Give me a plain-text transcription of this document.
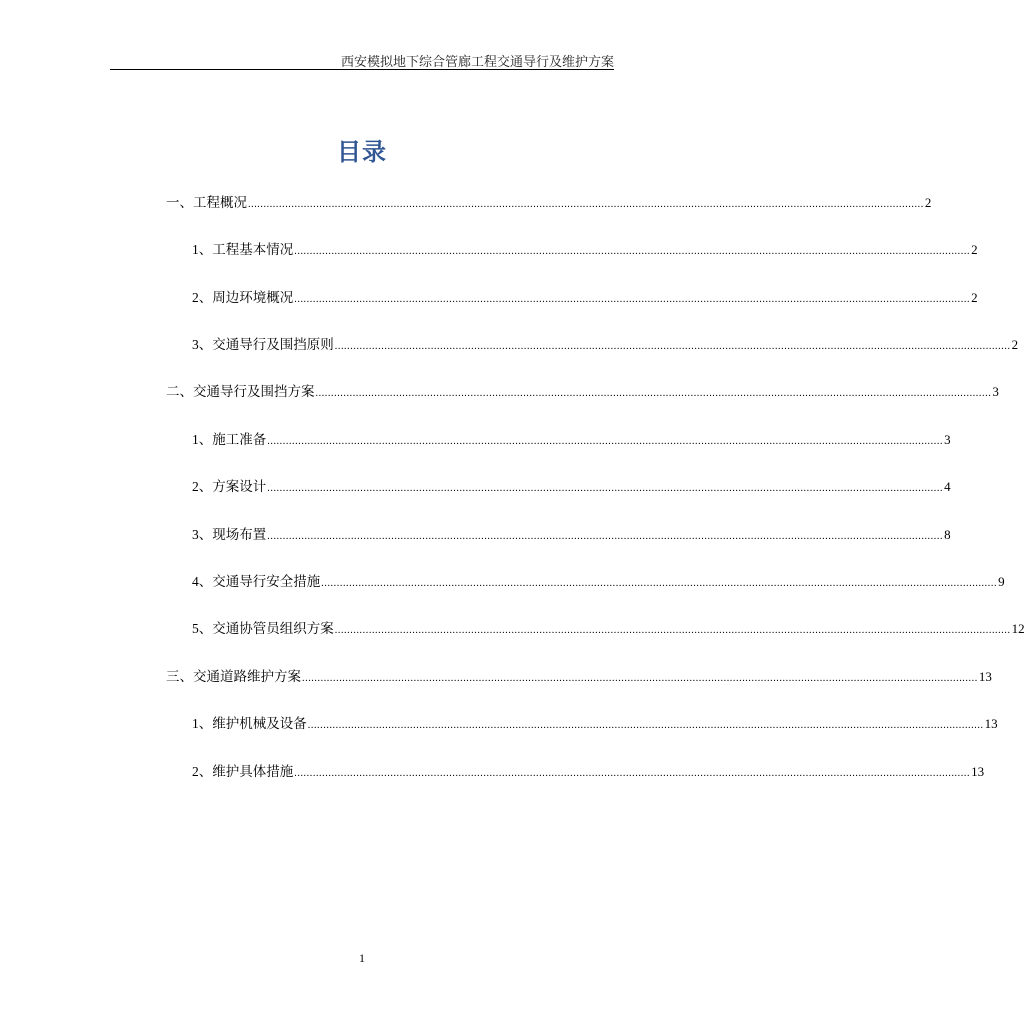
西安模拟地下综合管廊工程交通导行及维护方案
目录
一、 工程概况 .......................................................................................................................................................................................................................... 2
1、 工程基本情况 .......................................................................................................................................................................................................................... 2
2、 周边环境概况 .......................................................................................................................................................................................................................... 2
3、 交通导行及围挡原则 .......................................................................................................................................................................................................................... 2
二、 交通导行及围挡方案 .......................................................................................................................................................................................................................... 3
1、 施工准备 .......................................................................................................................................................................................................................... 3
2、 方案设计 .......................................................................................................................................................................................................................... 4
3、 现场布置 .......................................................................................................................................................................................................................... 8
4、 交通导行安全措施 .......................................................................................................................................................................................................................... 9
5、 交通协管员组织方案 .......................................................................................................................................................................................................................... 12
三、 交通道路维护方案 .......................................................................................................................................................................................................................... 13
1、 维护机械及设备 .......................................................................................................................................................................................................................... 13
2、 维护具体措施 .......................................................................................................................................................................................................................... 13
1
